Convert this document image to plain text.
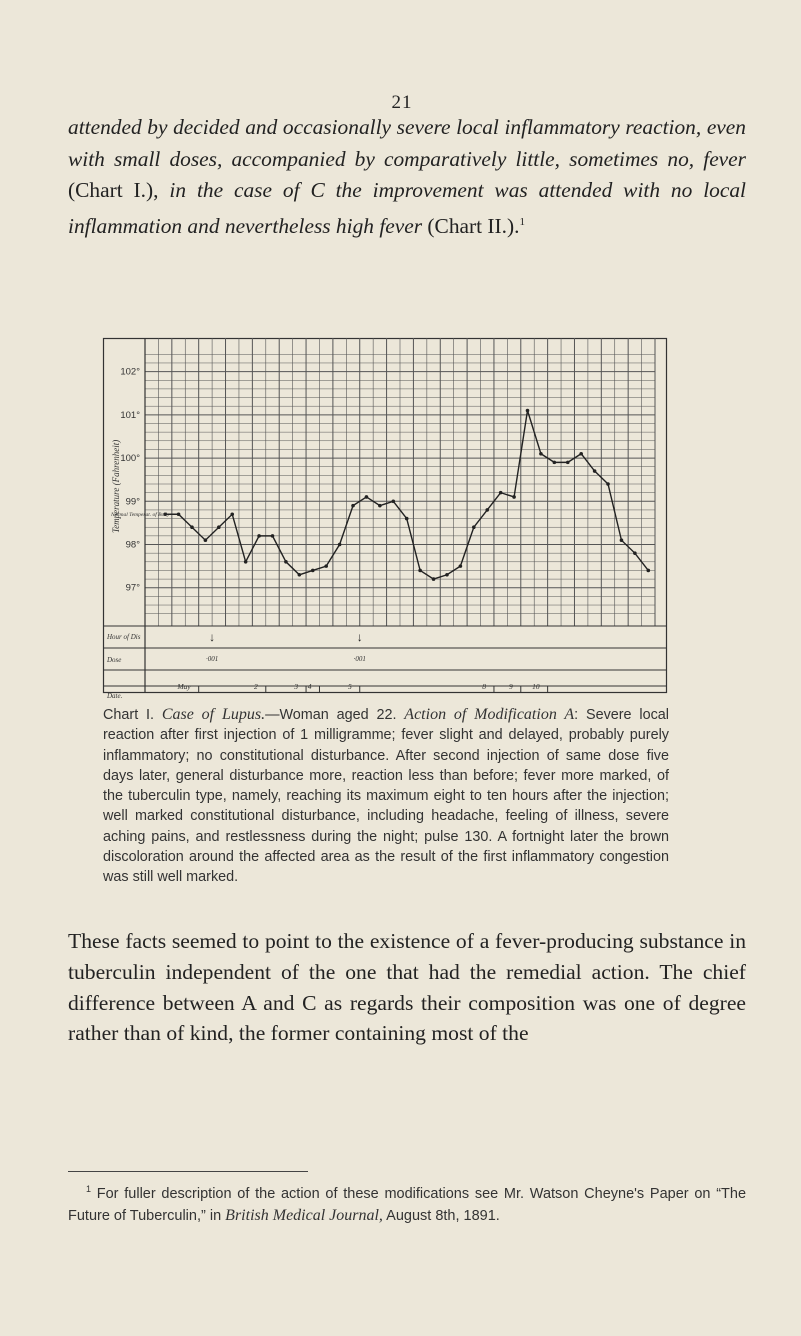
21
attended by decided and occasionally severe local inflammatory reaction, even with small doses, accompanied by comparatively little, sometimes no, fever (Chart I.), in the case of C the improvement was attended with no local inflammation and nevertheless high fever (Chart II.).$^1$
Temperature (Fahrenheit)
Normal Temperat. of Body
102°
101°
100°
99°
98°
97°
Hour of Dis
Dose
Date.
↓	↓
·001	·001
May	2	3 4	5	8	9	10
Chart I. Case of Lupus.—Woman aged 22. Action of Modification A: Severe local reaction after first injection of 1 milligramme; fever slight and delayed, probably purely inflammatory; no constitutional disturbance. After second injection of same dose five days later, general disturbance more, reaction less than before; fever more marked, of the tuberculin type, namely, reaching its maximum eight to ten hours after the injection; well marked constitutional disturbance, including headache, feeling of illness, severe aching pains, and restlessness during the night; pulse 130. A fortnight later the brown discoloration around the affected area as the result of the first inflammatory congestion was still well marked.
These facts seemed to point to the existence of a fever-producing substance in tuberculin independent of the one that had the remedial action. The chief difference between A and C as regards their composition was one of degree rather than of kind, the former containing most of the
$^1$ For fuller description of the action of these modifications see Mr. Watson Cheyne's Paper on “The Future of Tuberculin,” in British Medical Journal, August 8th, 1891.
